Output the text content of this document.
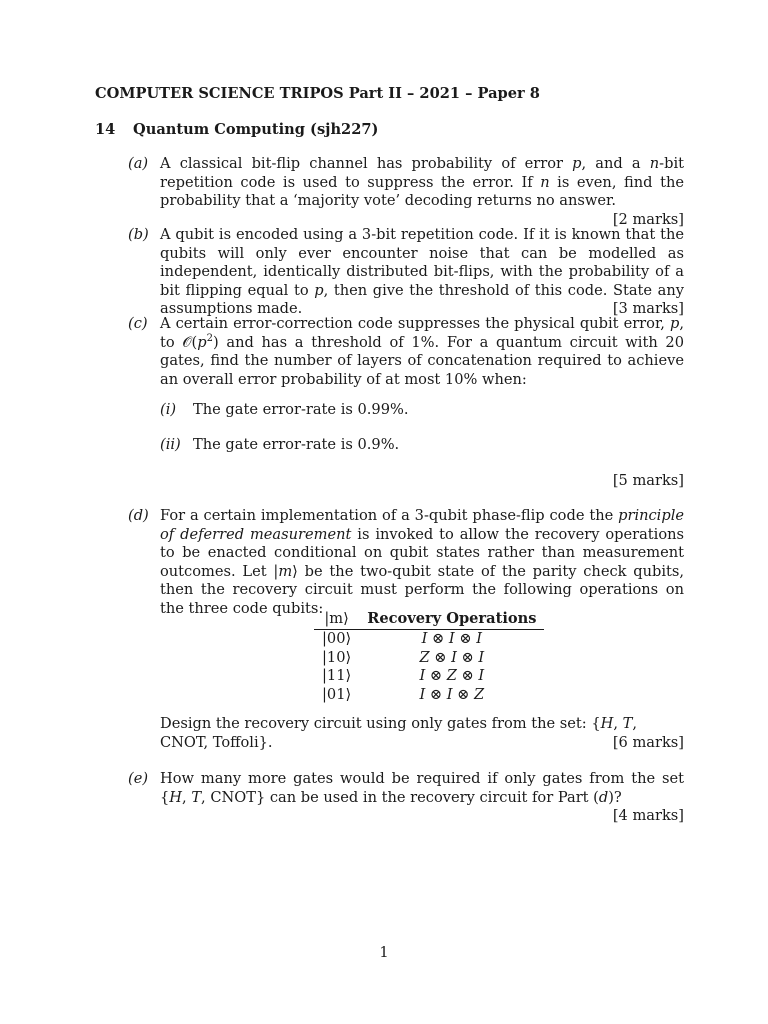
COMPUTER SCIENCE TRIPOS Part II – 2021 – Paper 8
14 Quantum Computing (sjh227)
(a) A classical bit-flip channel has probability of error p, and a n-bit repetition code is used to suppress the error. If n is even, find the probability that a ‘majority vote’ decoding returns no answer.
[2 marks]
(b) A qubit is encoded using a 3-bit repetition code. If it is known that the qubits will only ever encounter noise that can be modelled as independent, identically distributed bit-flips, with the probability of a bit flipping equal to p, then give the threshold of this code. State any assumptions made.	[3 marks]
(c) A certain error-correction code suppresses the physical qubit error, p, to $𝒪(p^2)$ and has a threshold of 1%. For a quantum circuit with 20 gates, find the number of layers of concatenation required to achieve an overall error probability of at most 10% when:
(i) The gate error-rate is 0.99%.
(ii) The gate error-rate is 0.9%.
[5 marks]
(d) For a certain implementation of a 3-qubit phase-flip code the principle of deferred measurement is invoked to allow the recovery operations to be enacted conditional on qubit states rather than measurement outcomes. Let |m⟩ be the two-qubit state of the parity check qubits, then the recovery circuit must perform the following operations on the three code qubits:
|m⟩	Recovery Operations
|00⟩	I ⊗ I ⊗ I
|10⟩	Z ⊗ I ⊗ I
|11⟩	I ⊗ Z ⊗ I
|01⟩	I ⊗ I ⊗ Z
Design the recovery circuit using only gates from the set: {H, T, CNOT, Toffoli}.	[6 marks]
(e) How many more gates would be required if only gates from the set {H, T, CNOT} can be used in the recovery circuit for Part (d)?
[4 marks]
1
